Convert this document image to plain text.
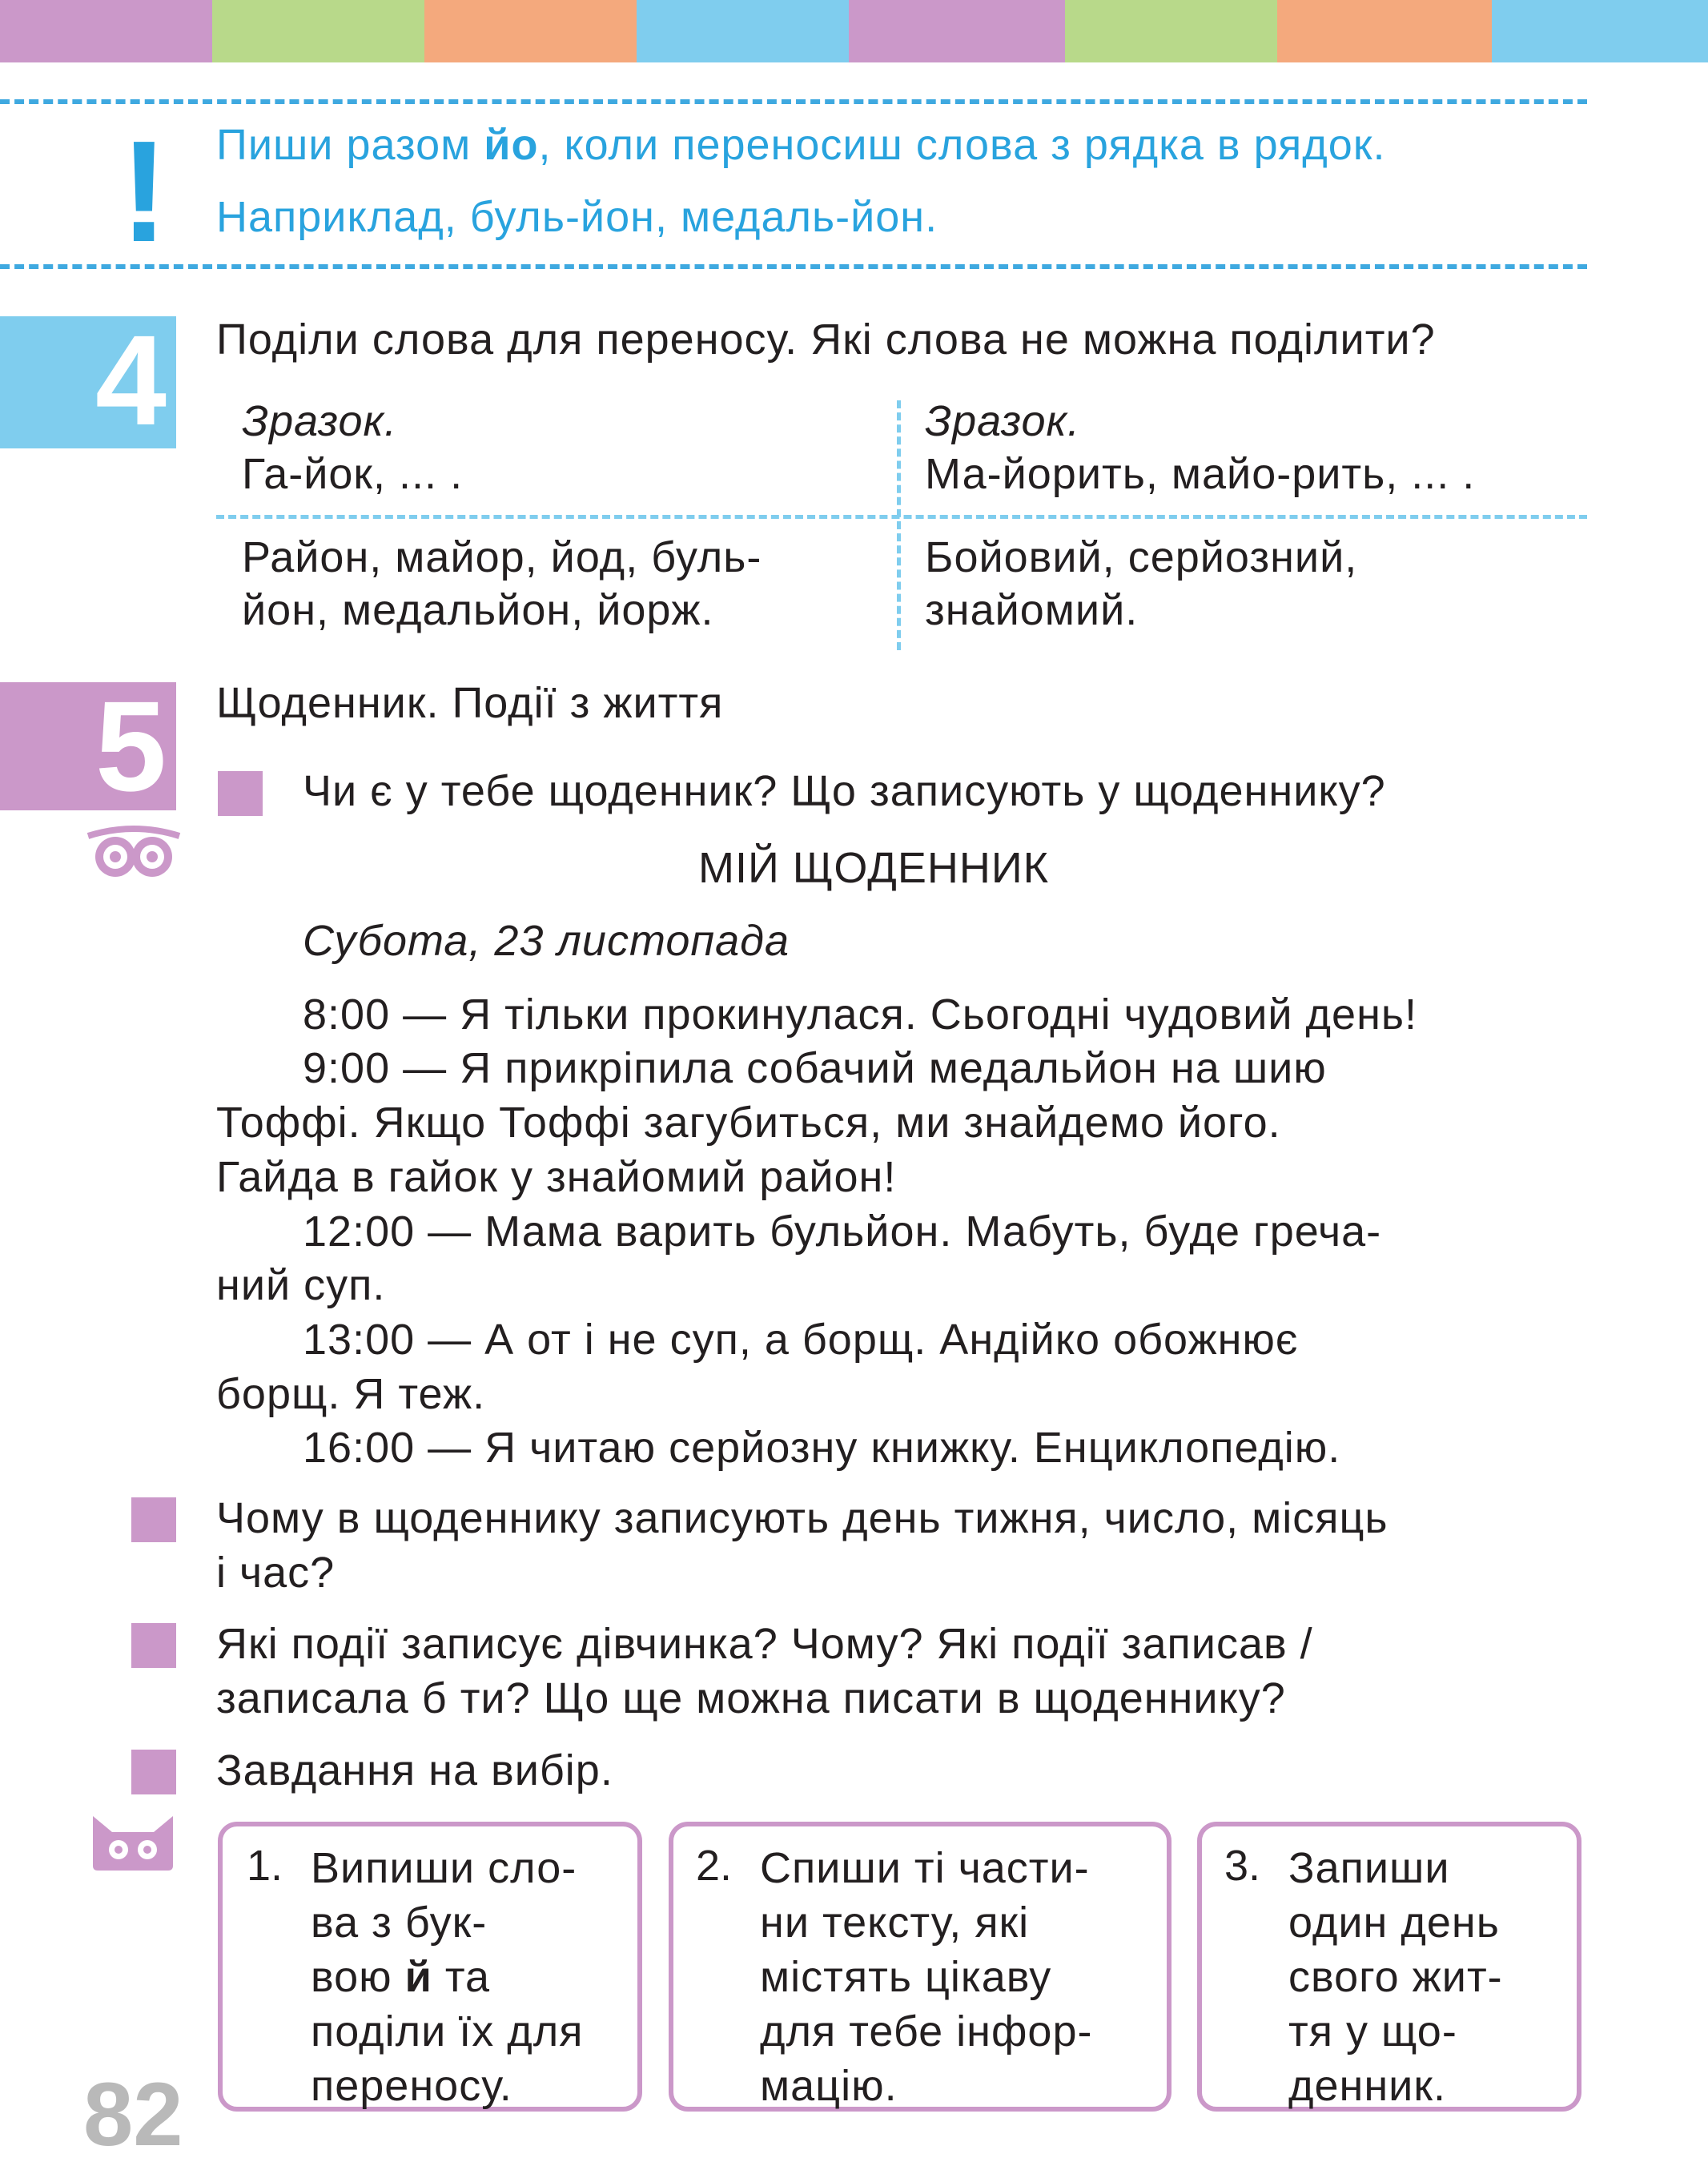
! Пиши разом йо, коли переносиш слова з рядка в рядок.
Наприклад, буль-йон, медаль-йон.
4 Поділи слова для переносу. Які слова не можна поділити?
Зразок.
Га-йок, ... .
Зразок.
Ма-йорить, майо-рить, ... .
Район, майор, йод, буль-
йон, медальйон, йорж.
Бойовий, серйозний,
знайомий.
5 Щоденник. Події з життя
Чи є у тебе щоденник? Що записують у щоденнику?
МІЙ ЩОДЕННИК
Субота, 23 листопада
8:00 — Я тільки прокинулася. Сьогодні чудовий день!
9:00 — Я прикріпила собачий медальйон на шию
Тоффі. Якщо Тоффі загубиться, ми знайдемо його.
Гайда в гайок у знайомий район!
12:00 — Мама варить бульйон. Мабуть, буде греча-
ний суп.
13:00 — А от і не суп, а борщ. Андійко обожнює
борщ. Я теж.
16:00 — Я читаю серйозну книжку. Енциклопедію.
Чому в щоденнику записують день тижня, число, місяць
і час?
Які події записує дівчинка? Чому? Які події записав /
записала б ти? Що ще можна писати в щоденнику?
Завдання на вибір.
1. Випиши сло-
ва з бук-
вою й та
поділи їх для
переносу.
2. Спиши ті части-
ни тексту, які
містять цікаву
для тебе інфор-
мацію.
3. Запиши
один день
свого жит-
тя у що-
денник.
82
